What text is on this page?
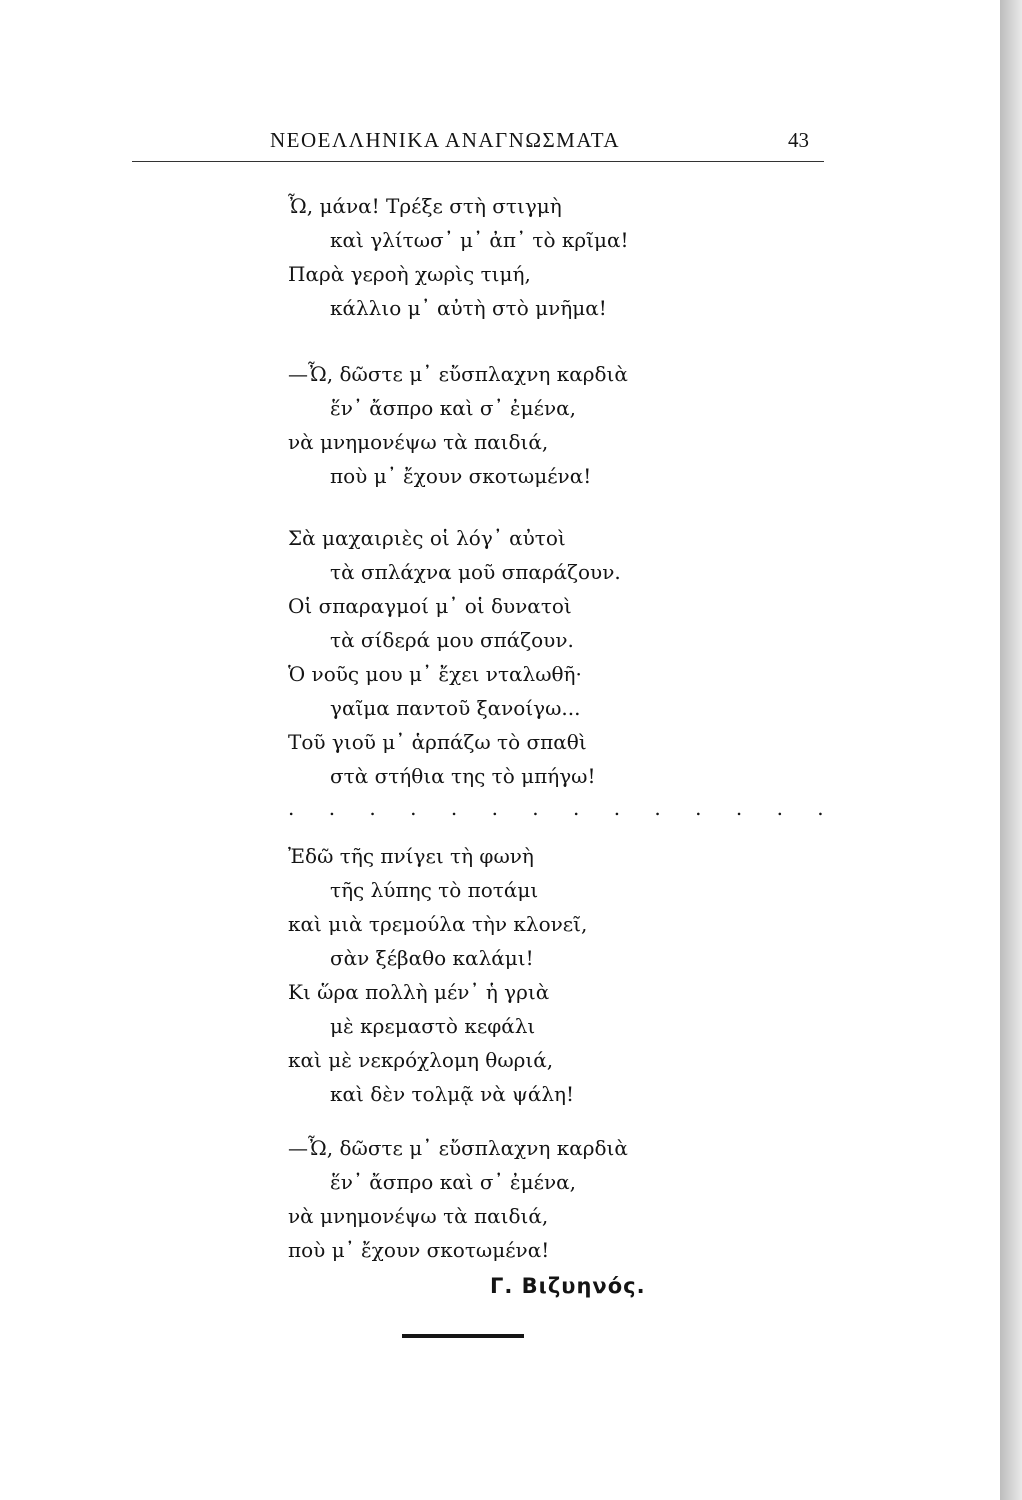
ΝΕΟΕΛΛΗΝΙΚΑ ΑΝΑΓΝΩΣΜΑΤΑ	43
Ὦ, μάνα! Τρέξε στὴ στιγμὴ
καὶ γλίτωσ᾽ μ᾽ ἀπ᾽ τὸ κρῖμα!
Παρὰ γεροὴ χωρὶς τιμή,
κάλλιο μ᾽ αὐτὴ στὸ μνῆμα!
—Ὦ, δῶστε μ᾽ εὔσπλαχνη καρδιὰ
ἕν᾽ ἄσπρο καὶ σ᾽ ἐμένα,
νὰ μνημονέψω τὰ παιδιά,
ποὺ μ᾽ ἔχουν σκοτωμένα!
Σὰ μαχαιριὲς οἱ λόγ᾽ αὐτοὶ
τὰ σπλάχνα μοῦ σπαράζουν.
Οἱ σπαραγμοί μ᾽ οἱ δυνατοὶ
τὰ σίδερά μου σπάζουν.
Ὁ νοῦς μου μ᾽ ἔχει νταλωθῆ·
γαῖμα παντοῦ ξανοίγω...
Τοῦ γιοῦ μ᾽ ἁρπάζω τὸ σπαθὶ
στὰ στήθια της τὸ μπήγω!
. . . . . . . . . . . . . .
Ἐδῶ τῆς πνίγει τὴ φωνὴ
τῆς λύπης τὸ ποτάμι
καὶ μιὰ τρεμούλα τὴν κλονεῖ,
σὰν ξέβαθο καλάμι!
Κι ὥρα πολλὴ μέν᾽ ἡ γριὰ
μὲ κρεμαστὸ κεφάλι
καὶ μὲ νεκρόχλομη θωριά,
καὶ δὲν τολμᾷ νὰ ψάλη!
—Ὦ, δῶστε μ᾽ εὔσπλαχνη καρδιὰ
ἕν᾽ ἄσπρο καὶ σ᾽ ἐμένα,
νὰ μνημονέψω τὰ παιδιά,
ποὺ μ᾽ ἔχουν σκοτωμένα!
Γ. Βιζυηνός.
